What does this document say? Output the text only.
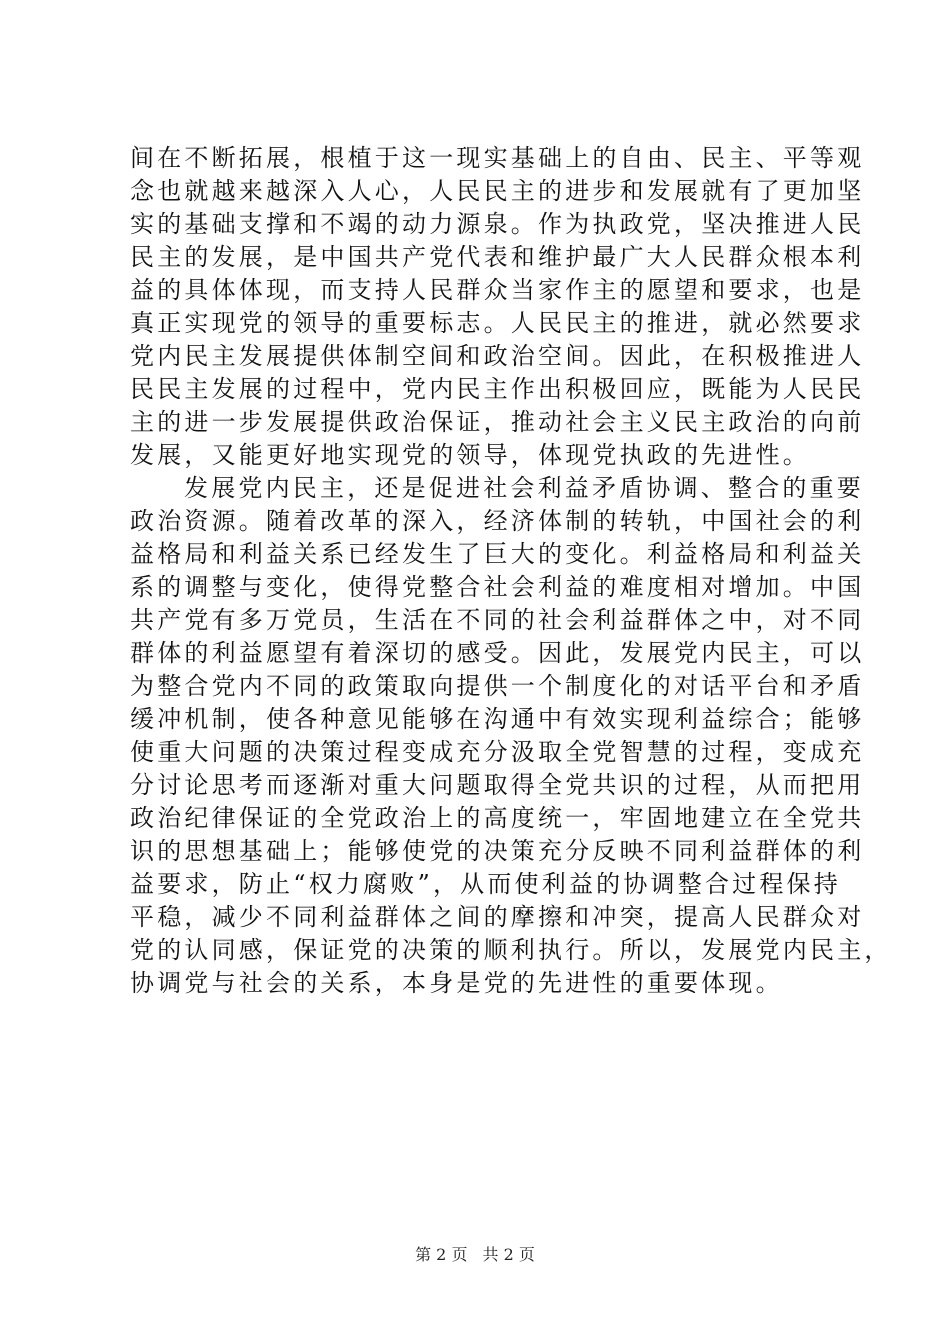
间在不断拓展，根植于这一现实基础上的自由、民主、平等观
念也就越来越深入人心，人民民主的进步和发展就有了更加坚
实的基础支撑和不竭的动力源泉。作为执政党，坚决推进人民
民主的发展，是中国共产党代表和维护最广大人民群众根本利
益的具体体现，而支持人民群众当家作主的愿望和要求，也是
真正实现党的领导的重要标志。人民民主的推进，就必然要求
党内民主发展提供体制空间和政治空间。因此，在积极推进人
民民主发展的过程中，党内民主作出积极回应，既能为人民民
主的进一步发展提供政治保证，推动社会主义民主政治的向前
发展，又能更好地实现党的领导，体现党执政的先进性。
发展党内民主，还是促进社会利益矛盾协调、整合的重要
政治资源。随着改革的深入，经济体制的转轨，中国社会的利
益格局和利益关系已经发生了巨大的变化。利益格局和利益关
系的调整与变化，使得党整合社会利益的难度相对增加。中国
共产党有多万党员，生活在不同的社会利益群体之中，对不同
群体的利益愿望有着深切的感受。因此，发展党内民主，可以
为整合党内不同的政策取向提供一个制度化的对话平台和矛盾
缓冲机制，使各种意见能够在沟通中有效实现利益综合；能够
使重大问题的决策过程变成充分汲取全党智慧的过程，变成充
分讨论思考而逐渐对重大问题取得全党共识的过程，从而把用
政治纪律保证的全党政治上的高度统一，牢固地建立在全党共
识的思想基础上；能够使党的决策充分反映不同利益群体的利
益要求，防止“权力腐败”，从而使利益的协调整合过程保持
平稳，减少不同利益群体之间的摩擦和冲突，提高人民群众对
党的认同感，保证党的决策的顺利执行。所以，发展党内民主，
协调党与社会的关系，本身是党的先进性的重要体现。
第 2 页 共 2 页
